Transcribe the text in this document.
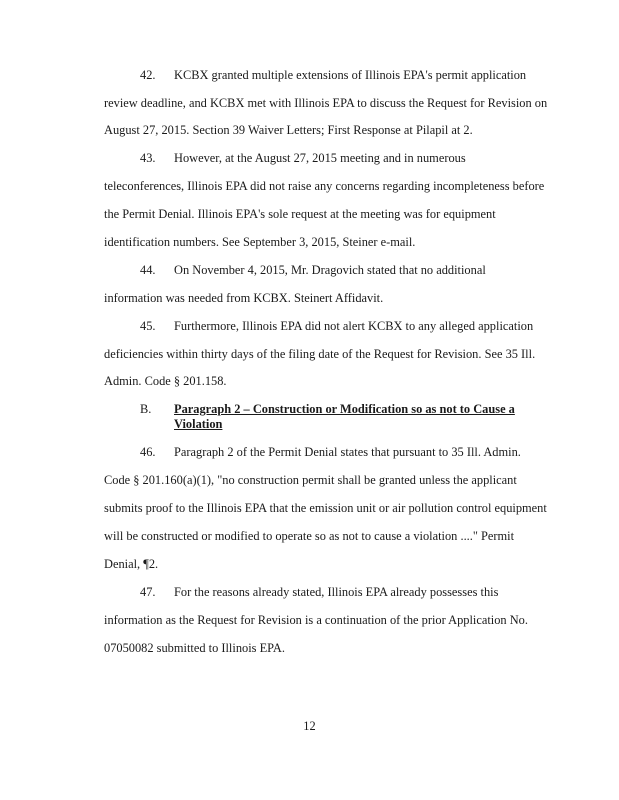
42. KCBX granted multiple extensions of Illinois EPA's permit application
review deadline, and KCBX met with Illinois EPA to discuss the Request for Revision on
August 27, 2015. Section 39 Waiver Letters; First Response at Pilapil at 2.
43. However, at the August 27, 2015 meeting and in numerous
teleconferences, Illinois EPA did not raise any concerns regarding incompleteness before
the Permit Denial. Illinois EPA's sole request at the meeting was for equipment
identification numbers. See September 3, 2015, Steiner e-mail.
44. On November 4, 2015, Mr. Dragovich stated that no additional
information was needed from KCBX. Steinert Affidavit.
45. Furthermore, Illinois EPA did not alert KCBX to any alleged application
deficiencies within thirty days of the filing date of the Request for Revision. See 35 Ill.
Admin. Code § 201.158.
B. Paragraph 2 – Construction or Modification so as not to Cause a
Violation
46. Paragraph 2 of the Permit Denial states that pursuant to 35 Ill. Admin.
Code § 201.160(a)(1), "no construction permit shall be granted unless the applicant
submits proof to the Illinois EPA that the emission unit or air pollution control equipment
will be constructed or modified to operate so as not to cause a violation ...." Permit
Denial, ¶2.
47. For the reasons already stated, Illinois EPA already possesses this
information as the Request for Revision is a continuation of the prior Application No.
07050082 submitted to Illinois EPA.
12
